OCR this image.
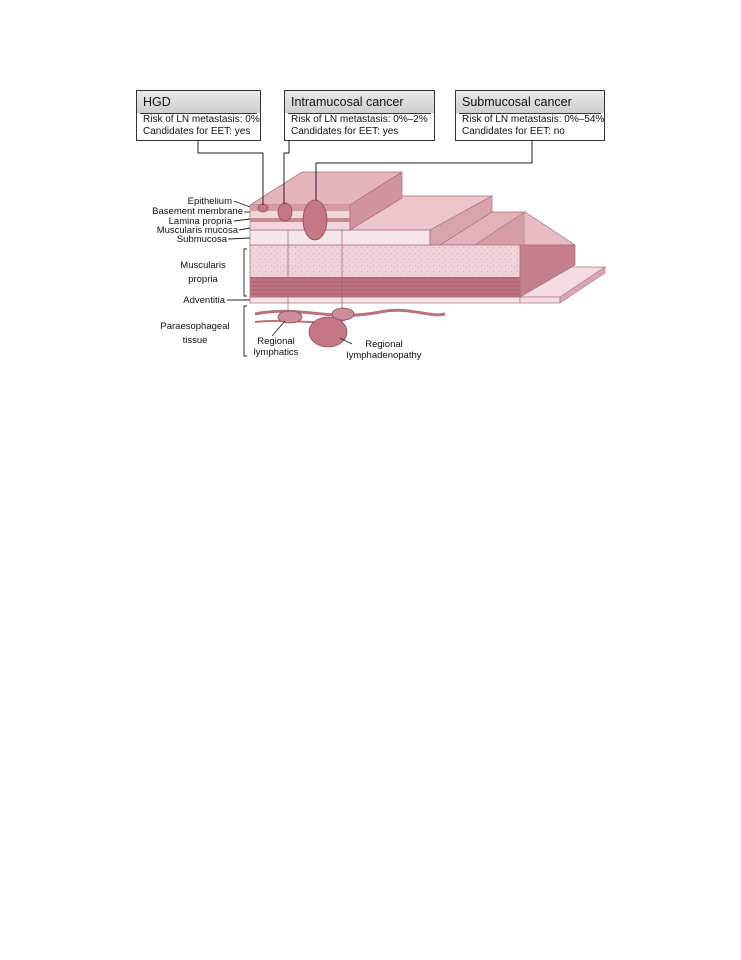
HGD
Risk of LN metastasis: 0%
Candidates for EET: yes
Intramucosal cancer
Risk of LN metastasis: 0%–2%
Candidates for EET: yes
Submucosal cancer
Risk of LN metastasis: 0%–54%
Candidates for EET: no
Epithelium
Basement membrane
Lamina propria
Muscularis mucosa
Submucosa
Muscularis
propria
Adventitia
Paraesophageal
tissue	Regional
lymphatics
Regional
lymphadenopathy
